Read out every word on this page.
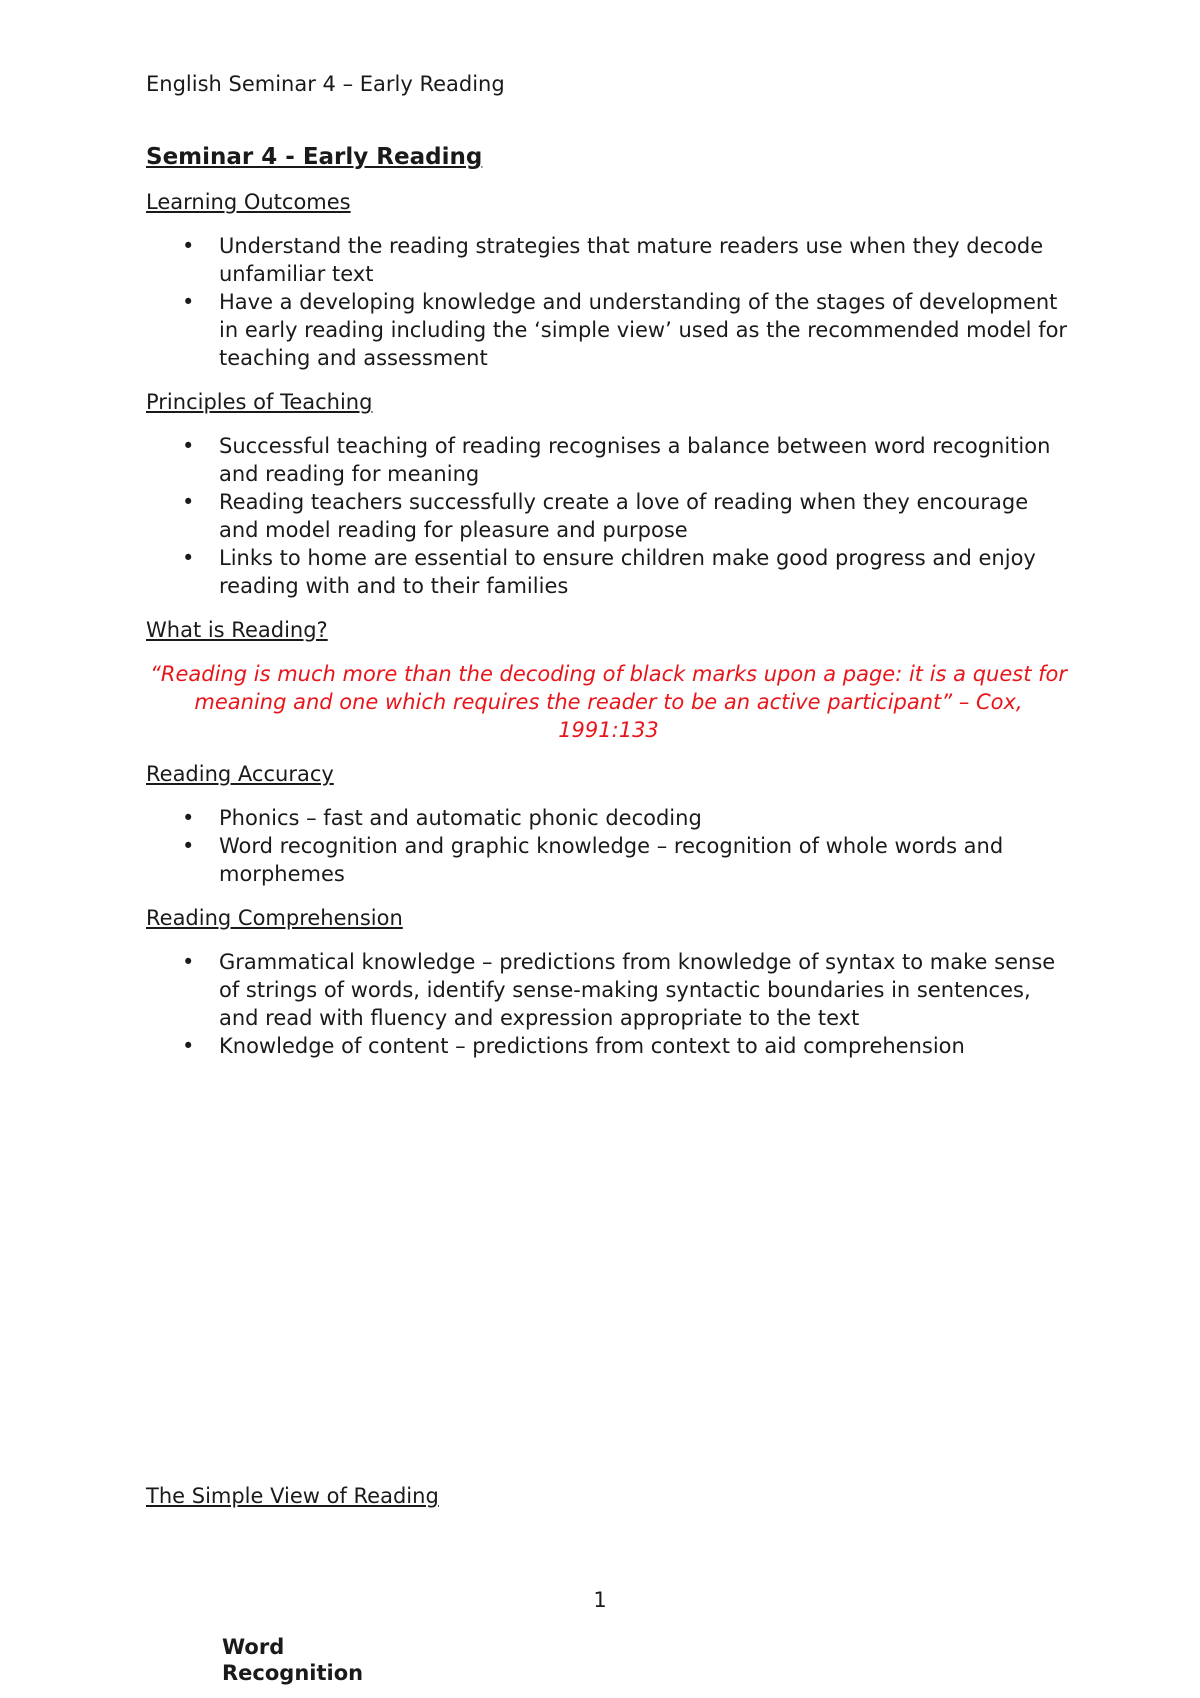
English Seminar 4 – Early Reading
Seminar 4 - Early Reading
Learning Outcomes
• Understand the reading strategies that mature readers use when they decode unfamiliar text
• Have a developing knowledge and understanding of the stages of development in early reading including the ‘simple view’ used as the recommended model for teaching and assessment
Principles of Teaching
• Successful teaching of reading recognises a balance between word recognition and reading for meaning
• Reading teachers successfully create a love of reading when they encourage and model reading for pleasure and purpose
• Links to home are essential to ensure children make good progress and enjoy reading with and to their families
What is Reading?

“Reading is much more than the decoding of black marks upon a page: it is a quest for meaning and one which requires the reader to be an active participant” – Cox, 1991:133

Reading Accuracy
• Phonics – fast and automatic phonic decoding
• Word recognition and graphic knowledge – recognition of whole words and morphemes
Reading Comprehension
• Grammatical knowledge – predictions from knowledge of syntax to make sense of strings of words, identify sense-making syntactic boundaries in sentences, and read with fluency and expression appropriate to the text
• Knowledge of content – predictions from context to aid comprehension
The Simple View of Reading
1
Word Recognition
